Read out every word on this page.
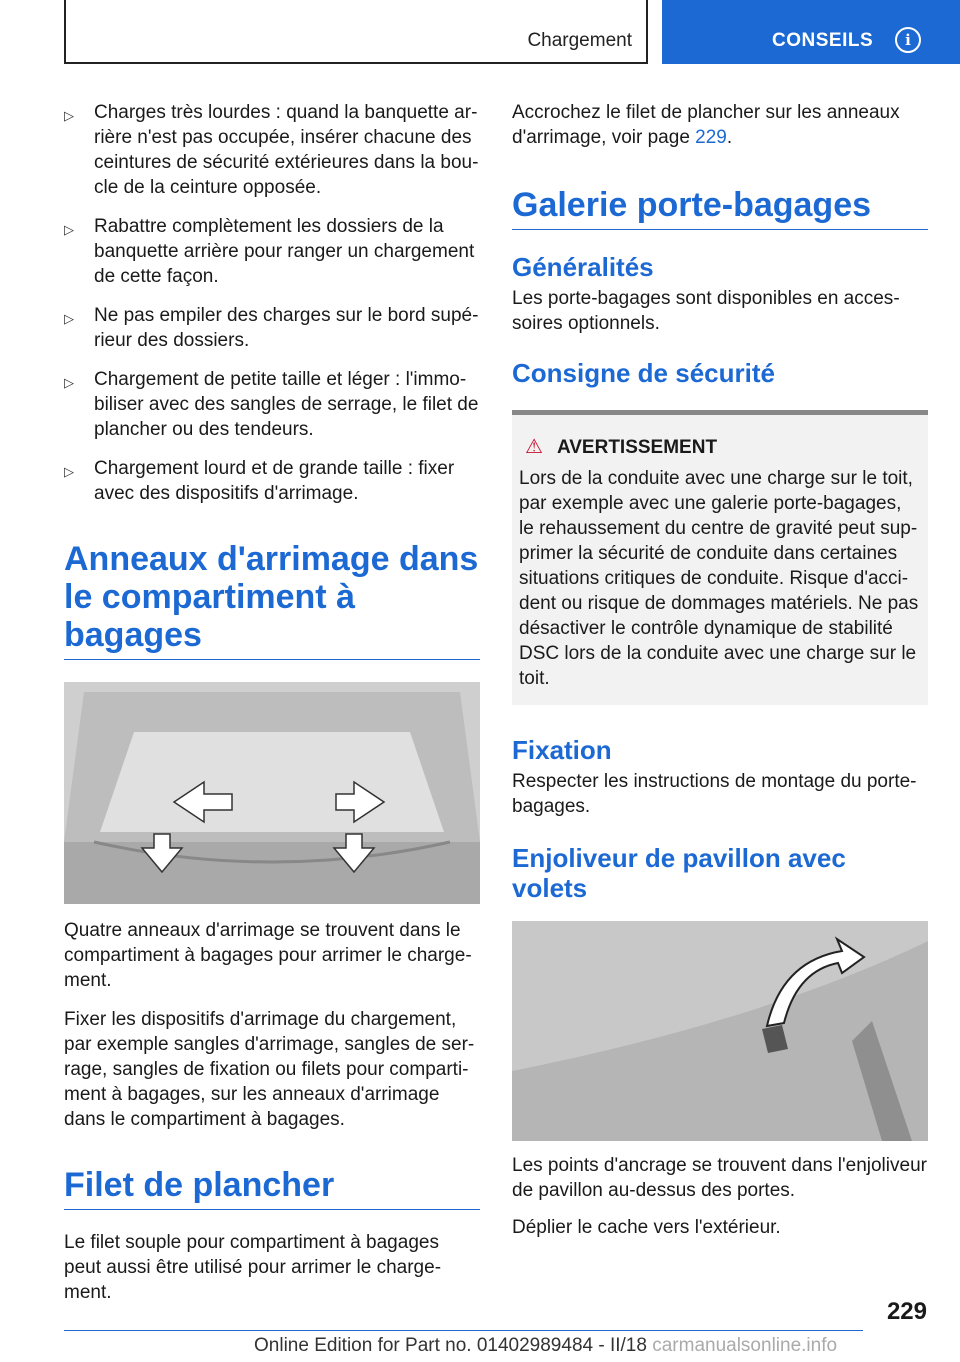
Chargement	CONSEILS	i
▷ Charges très lourdes : quand la banquette arrière n'est pas occupée, insérer chacune des ceintures de sécurité extérieures dans la boucle de la ceinture opposée.
▷ Rabattre complètement les dossiers de la banquette arrière pour ranger un chargement de cette façon.
▷ Ne pas empiler des charges sur le bord supérieur des dossiers.
▷ Chargement de petite taille et léger : l'immobiliser avec des sangles de serrage, le filet de plancher ou des tendeurs.
▷ Chargement lourd et de grande taille : fixer avec des dispositifs d'arrimage.
Anneaux d'arrimage dans le compartiment à bagages

Quatre anneaux d'arrimage se trouvent dans le compartiment à bagages pour arrimer le chargement.

Fixer les dispositifs d'arrimage du chargement, par exemple sangles d'arrimage, sangles de serrage, sangles de fixation ou filets pour compartiment à bagages, sur les anneaux d'arrimage dans le compartiment à bagages.

Filet de plancher

Le filet souple pour compartiment à bagages peut aussi être utilisé pour arrimer le chargement.

Accrochez le filet de plancher sur les anneaux d'arrimage, voir page 229.

Galerie porte-bagages
Généralités

Les porte-bagages sont disponibles en accessoires optionnels.

Consigne de sécurité
⚠ AVERTISSEMENT

Lors de la conduite avec une charge sur le toit, par exemple avec une galerie porte-bagages, le rehaussement du centre de gravité peut supprimer la sécurité de conduite dans certaines situations critiques de conduite. Risque d'accident ou risque de dommages matériels. Ne pas désactiver le contrôle dynamique de stabilité DSC lors de la conduite avec une charge sur le toit.

Fixation

Respecter les instructions de montage du porte-bagages.

Enjoliveur de pavillon avec volets

Les points d'ancrage se trouvent dans l'enjoliveur de pavillon au-dessus des portes.

Déplier le cache vers l'extérieur.

229
Online Edition for Part no. 01402989484 - II/18 carmanualsonline.info
